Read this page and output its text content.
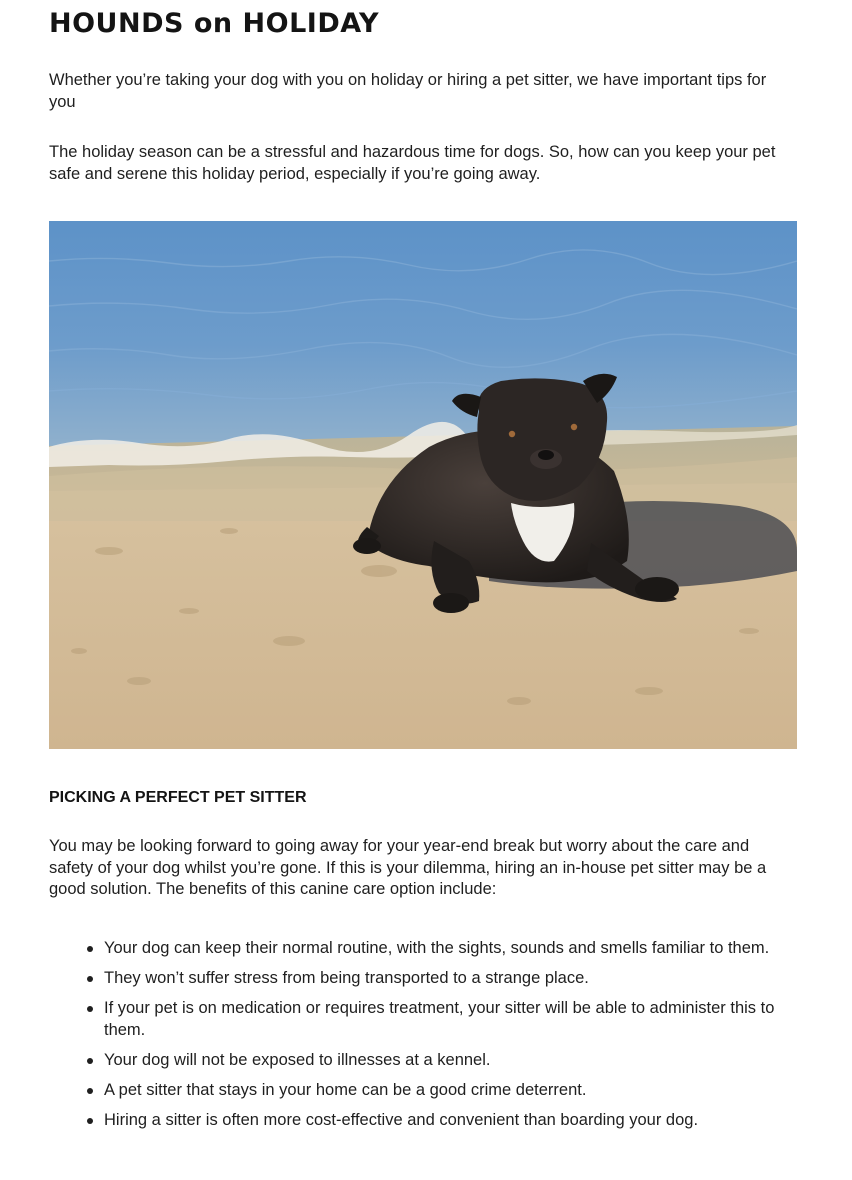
HOUNDS on HOLIDAY

Whether you’re taking your dog with you on holiday or hiring a pet sitter, we have important tips for you

The holiday season can be a stressful and hazardous time for dogs. So, how can you keep your pet safe and serene this holiday period, especially if you’re going away.

PICKING A PERFECT PET SITTER

You may be looking forward to going away for your year-end break but worry about the care and safety of your dog whilst you’re gone. If this is your dilemma, hiring an in-house pet sitter may be a good solution. The benefits of this canine care option include:

Your dog can keep their normal routine, with the sights, sounds and smells familiar to them.
They won’t suffer stress from being transported to a strange place.
If your pet is on medication or requires treatment, your sitter will be able to administer this to them.
Your dog will not be exposed to illnesses at a kennel.
A pet sitter that stays in your home can be a good crime deterrent.
Hiring a sitter is often more cost-effective and convenient than boarding your dog.
